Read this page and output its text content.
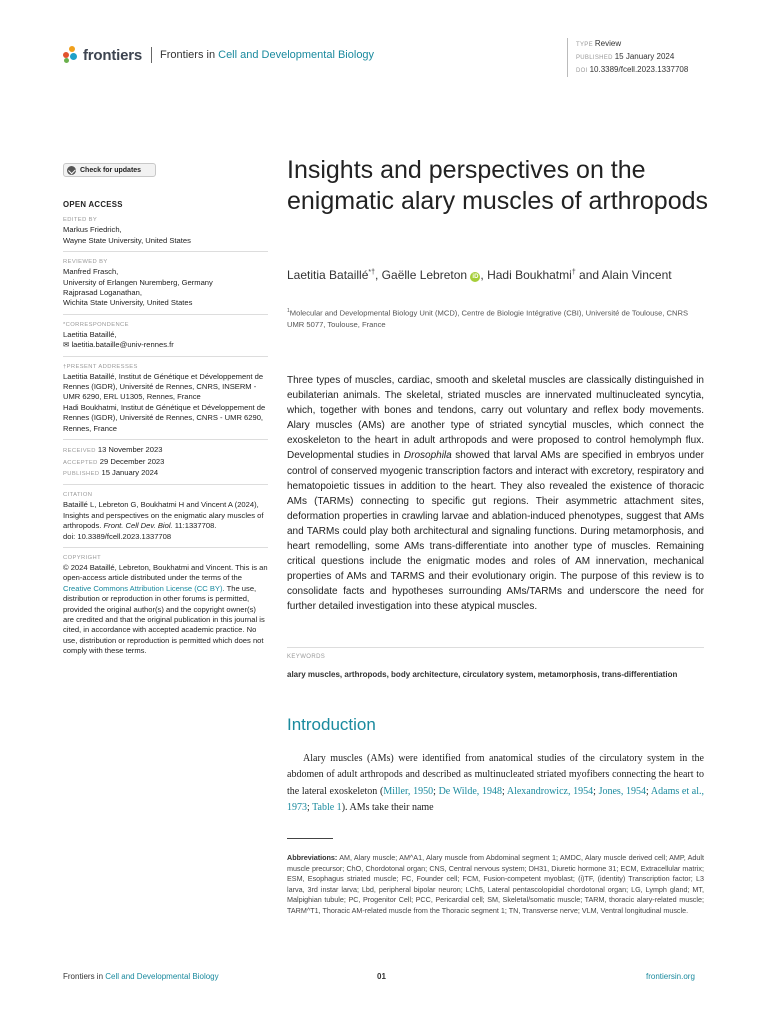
frontiers Frontiers in Cell and Developmental Biology
TYPE Review
PUBLISHED 15 January 2024
DOI 10.3389/fcell.2023.1337708
Check for updates
OPEN ACCESS
EDITED BY
Markus Friedrich,
Wayne State University, United States
REVIEWED BY
Manfred Frasch,
University of Erlangen Nuremberg, Germany
Rajprasad Loganathan,
Wichita State University, United States
*CORRESPONDENCE
Laetitia Bataillé,
✉ laetitia.bataille@univ-rennes.fr
†PRESENT ADDRESSES
Laetitia Bataillé, Institut de Génétique et Développement de Rennes (IGDR), Université de Rennes, CNRS, INSERM - UMR 6290, ERL U1305, Rennes, France
Hadi Boukhatmi, Institut de Génétique et Développement de Rennes (IGDR), Université de Rennes, CNRS - UMR 6290, Rennes, France
RECEIVED 13 November 2023
ACCEPTED 29 December 2023
PUBLISHED 15 January 2024
CITATION
Bataillé L, Lebreton G, Boukhatmi H and Vincent A (2024), Insights and perspectives on the enigmatic alary muscles of arthropods. Front. Cell Dev. Biol. 11:1337708.
doi: 10.3389/fcell.2023.1337708
COPYRIGHT
© 2024 Bataillé, Lebreton, Boukhatmi and Vincent. This is an open-access article distributed under the terms of the Creative Commons Attribution License (CC BY). The use, distribution or reproduction in other forums is permitted, provided the original author(s) and the copyright owner(s) are credited and that the original publication in this journal is cited, in accordance with accepted academic practice. No use, distribution or reproduction is permitted which does not comply with these terms.
Insights and perspectives on the enigmatic alary muscles of arthropods
Laetitia Bataillé*†, Gaëlle Lebreton iD , Hadi Boukhatmi† and Alain Vincent
$^1$Molecular and Developmental Biology Unit (MCD), Centre de Biologie Intégrative (CBI), Université de Toulouse, CNRS UMR 5077, Toulouse, France
Three types of muscles, cardiac, smooth and skeletal muscles are classically distinguished in eubilaterian animals. The skeletal, striated muscles are innervated multinucleated syncytia, which, together with bones and tendons, carry out voluntary and reflex body movements. Alary muscles (AMs) are another type of striated syncytial muscles, which connect the exoskeleton to the heart in adult arthropods and were proposed to control hemolymph flux. Developmental studies in Drosophila showed that larval AMs are specified in embryos under control of conserved myogenic transcription factors and interact with excretory, respiratory and hematopoietic tissues in addition to the heart. They also revealed the existence of thoracic AMs (TARMs) connecting to specific gut regions. Their asymmetric attachment sites, deformation properties in crawling larvae and ablation-induced phenotypes, suggest that AMs and TARMs could play both architectural and signaling functions. During metamorphosis, and heart remodelling, some AMs trans-differentiate into another type of muscles. Remaining critical questions include the enigmatic modes and roles of AM innervation, mechanical properties of AMs and TARMS and their evolutionary origin. The purpose of this review is to consolidate facts and hypotheses surrounding AMs/TARMs and underscore the need for further detailed investigation into these atypical muscles.
KEYWORDS
alary muscles, arthropods, body architecture, circulatory system, metamorphosis, trans-differentiation
Introduction
Alary muscles (AMs) were identified from anatomical studies of the circulatory system in the abdomen of adult arthropods and described as multinucleated striated myofibers connecting the heart to the lateral exoskeleton (Miller, 1950; De Wilde, 1948; Alexandrowicz, 1954; Jones, 1954; Adams et al., 1973; Table 1). AMs take their name
Abbreviations: AM, Alary muscle; AM^A1, Alary muscle from Abdominal segment 1; AMDC, Alary muscle derived cell; AMP, Adult muscle precursor; ChO, Chordotonal organ; CNS, Central nervous system; DH31, Diuretic hormone 31; ECM, Extracellular matrix; ESM, Esophagus striated muscle; FC, Founder cell; FCM, Fusion-competent myoblast; (i)TF, (identity) Transcription factor; L3 larva, 3rd instar larva; Lbd, peripheral bipolar neuron; LCh5, Lateral pentascolopidial chordotonal organ; LG, Lymph gland; MT, Malpighian tubule; PC, Progenitor Cell; PCC, Pericardial cell; SM, Skeletal/somatic muscle; TARM, thoracic alary-related muscle; TARM^T1, Thoracic AM-related muscle from the Thoracic segment 1; TN, Transverse nerve; VLM, Ventral longitudinal muscle.
Frontiers in Cell and Developmental Biology	01	frontiersin.org
